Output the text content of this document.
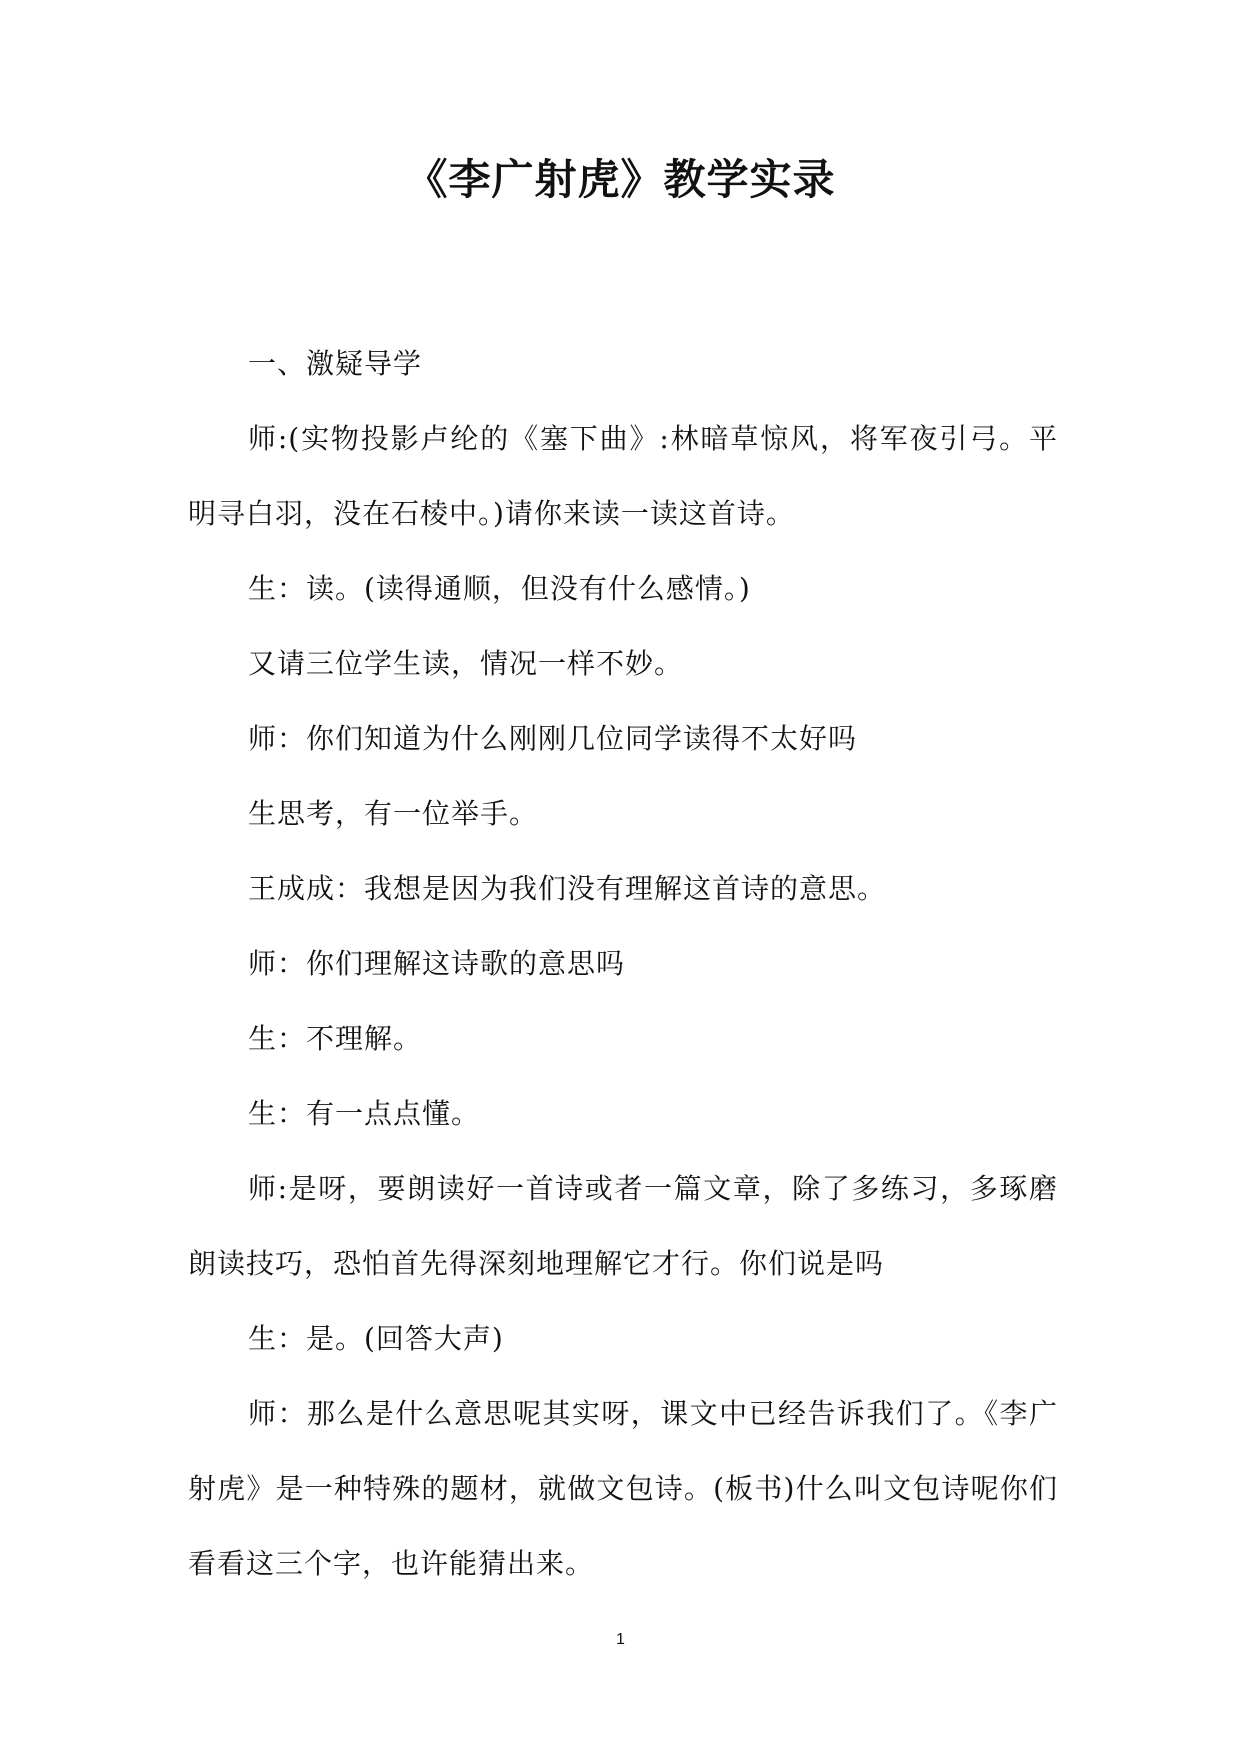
《李广射虎》教学实录

一、激疑导学

师:(实物投影卢纶的《塞下曲》:林暗草惊风，将军夜引弓。平明寻白羽，没在石棱中。)请你来读一读这首诗。

生：读。(读得通顺，但没有什么感情。)

又请三位学生读，情况一样不妙。

师：你们知道为什么刚刚几位同学读得不太好吗

生思考，有一位举手。

王成成：我想是因为我们没有理解这首诗的意思。

师：你们理解这诗歌的意思吗

生：不理解。

生：有一点点懂。

师:是呀，要朗读好一首诗或者一篇文章，除了多练习，多琢磨朗读技巧，恐怕首先得深刻地理解它才行。你们说是吗

生：是。(回答大声)

师：那么是什么意思呢其实呀，课文中已经告诉我们了。《李广射虎》是一种特殊的题材，就做文包诗。(板书)什么叫文包诗呢你们看看这三个字，也许能猜出来。

1
